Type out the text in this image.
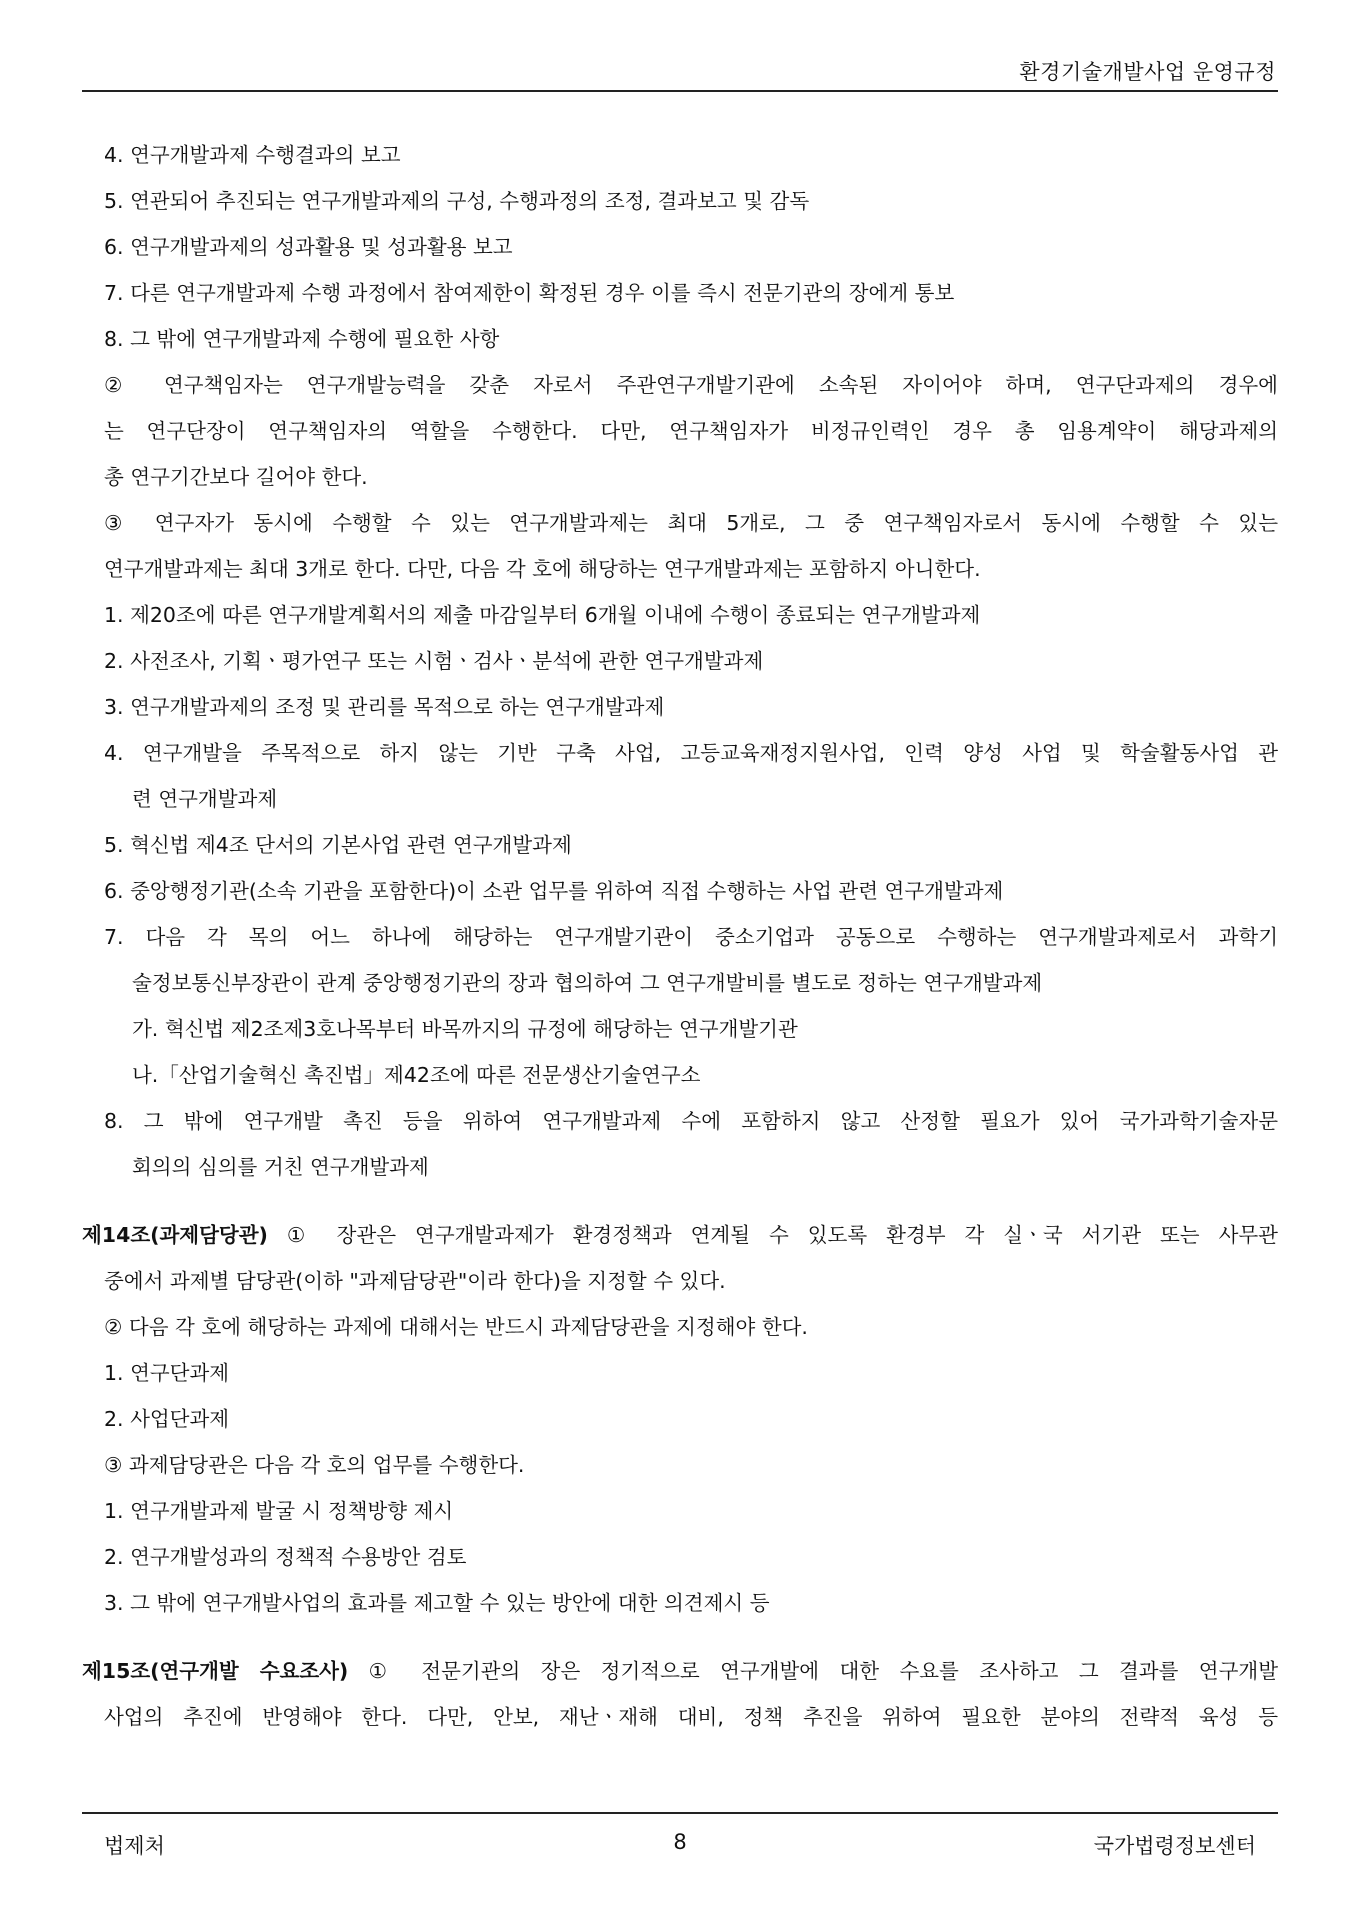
환경기술개발사업 운영규정
4. 연구개발과제 수행결과의 보고
5. 연관되어 추진되는 연구개발과제의 구성, 수행과정의 조정, 결과보고 및 감독
6. 연구개발과제의 성과활용 및 성과활용 보고
7. 다른 연구개발과제 수행 과정에서 참여제한이 확정된 경우 이를 즉시 전문기관의 장에게 통보
8. 그 밖에 연구개발과제 수행에 필요한 사항
② 연구책임자는 연구개발능력을 갖춘 자로서 주관연구개발기관에 소속된 자이어야 하며, 연구단과제의 경우에
는 연구단장이 연구책임자의 역할을 수행한다. 다만, 연구책임자가 비정규인력인 경우 총 임용계약이 해당과제의
총 연구기간보다 길어야 한다.
③ 연구자가 동시에 수행할 수 있는 연구개발과제는 최대 5개로, 그 중 연구책임자로서 동시에 수행할 수 있는
연구개발과제는 최대 3개로 한다. 다만, 다음 각 호에 해당하는 연구개발과제는 포함하지 아니한다.
1. 제20조에 따른 연구개발계획서의 제출 마감일부터 6개월 이내에 수행이 종료되는 연구개발과제
2. 사전조사, 기획ㆍ평가연구 또는 시험ㆍ검사ㆍ분석에 관한 연구개발과제
3. 연구개발과제의 조정 및 관리를 목적으로 하는 연구개발과제
4. 연구개발을 주목적으로 하지 않는 기반 구축 사업, 고등교육재정지원사업, 인력 양성 사업 및 학술활동사업 관
련 연구개발과제
5. 혁신법 제4조 단서의 기본사업 관련 연구개발과제
6. 중앙행정기관(소속 기관을 포함한다)이 소관 업무를 위하여 직접 수행하는 사업 관련 연구개발과제
7. 다음 각 목의 어느 하나에 해당하는 연구개발기관이 중소기업과 공동으로 수행하는 연구개발과제로서 과학기
술정보통신부장관이 관계 중앙행정기관의 장과 협의하여 그 연구개발비를 별도로 정하는 연구개발과제
가. 혁신법 제2조제3호나목부터 바목까지의 규정에 해당하는 연구개발기관
나.「산업기술혁신 촉진법」제42조에 따른 전문생산기술연구소
8. 그 밖에 연구개발 촉진 등을 위하여 연구개발과제 수에 포함하지 않고 산정할 필요가 있어 국가과학기술자문
회의의 심의를 거친 연구개발과제
제14조(과제담당관) ① 장관은 연구개발과제가 환경정책과 연계될 수 있도록 환경부 각 실ㆍ국 서기관 또는 사무관
중에서 과제별 담당관(이하 "과제담당관"이라 한다)을 지정할 수 있다.
② 다음 각 호에 해당하는 과제에 대해서는 반드시 과제담당관을 지정해야 한다.
1. 연구단과제
2. 사업단과제
③ 과제담당관은 다음 각 호의 업무를 수행한다.
1. 연구개발과제 발굴 시 정책방향 제시
2. 연구개발성과의 정책적 수용방안 검토
3. 그 밖에 연구개발사업의 효과를 제고할 수 있는 방안에 대한 의견제시 등
제15조(연구개발 수요조사) ① 전문기관의 장은 정기적으로 연구개발에 대한 수요를 조사하고 그 결과를 연구개발
사업의 추진에 반영해야 한다. 다만, 안보, 재난ㆍ재해 대비, 정책 추진을 위하여 필요한 분야의 전략적 육성 등
법제처	8	국가법령정보센터
